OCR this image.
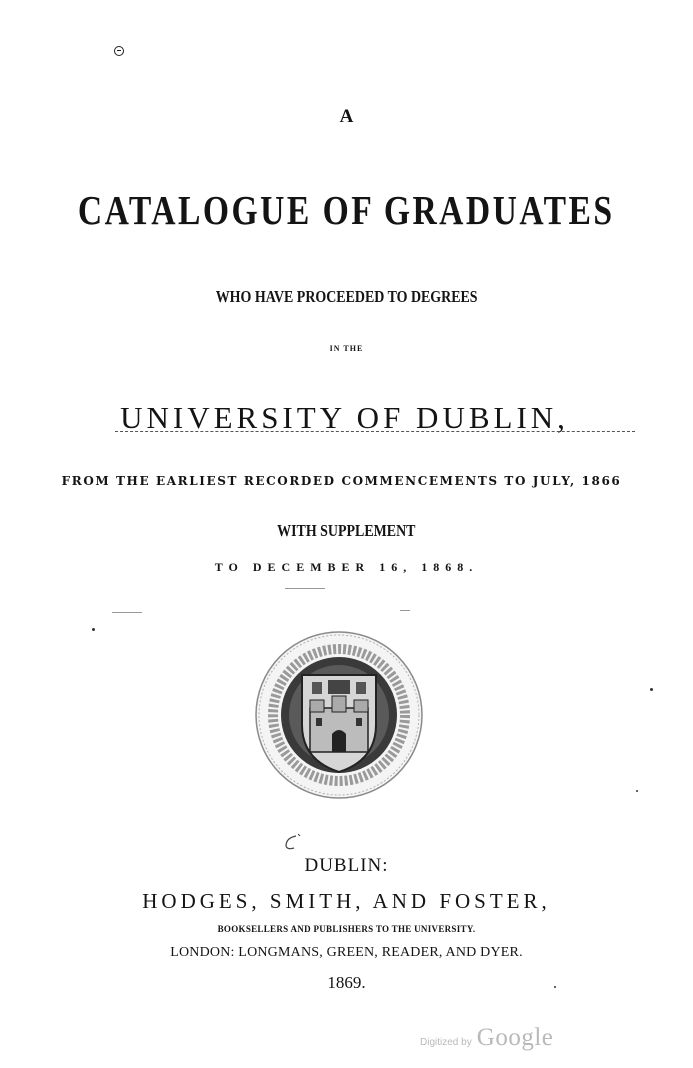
A
CATALOGUE OF GRADUATES
WHO HAVE PROCEEDED TO DEGREES
IN THE
UNIVERSITY OF DUBLIN,
FROM THE EARLIEST RECORDED COMMENCEMENTS TO JULY, 1866
WITH SUPPLEMENT
TO DECEMBER 16, 1868.
DUBLIN:
HODGES, SMITH, AND FOSTER,
BOOKSELLERS AND PUBLISHERS TO THE UNIVERSITY.
LONDON: LONGMANS, GREEN, READER, AND DYER.
1869.
Digitized by Google
